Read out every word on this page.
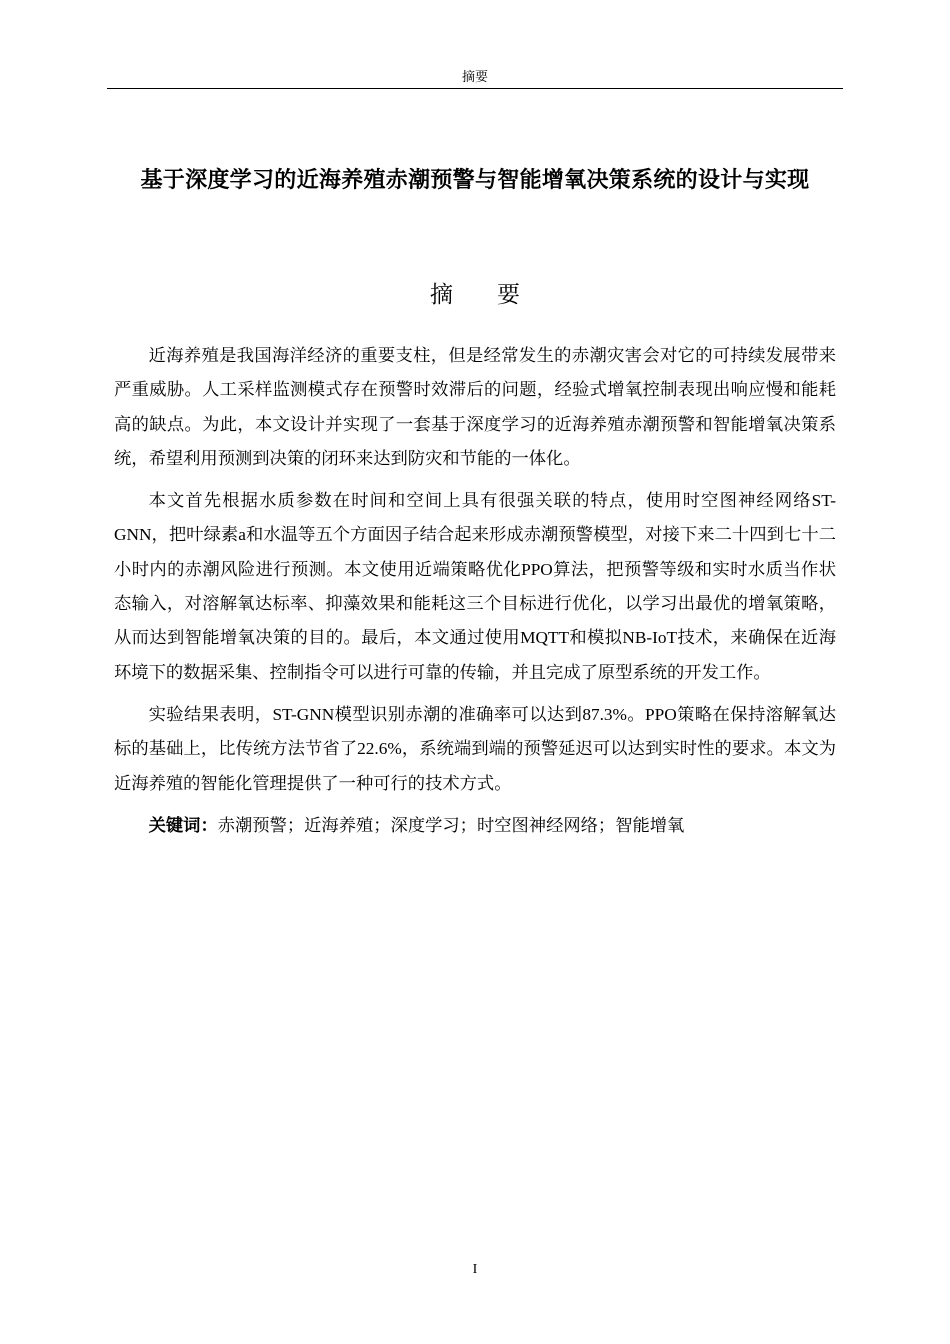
摘要
基于深度学习的近海养殖赤潮预警与智能增氧决策系统的设计与实现
摘 要

近海养殖是我国海洋经济的重要支柱，但是经常发生的赤潮灾害会对它的可持续发展带来严重威胁。人工采样监测模式存在预警时效滞后的问题，经验式增氧控制表现出响应慢和能耗高的缺点。为此，本文设计并实现了一套基于深度学习的近海养殖赤潮预警和智能增氧决策系统，希望利用预测到决策的闭环来达到防灾和节能的一体化。

本文首先根据水质参数在时间和空间上具有很强关联的特点，使用时空图神经网络ST-GNN，把叶绿素a和水温等五个方面因子结合起来形成赤潮预警模型，对接下来二十四到七十二小时内的赤潮风险进行预测。本文使用近端策略优化PPO算法，把预警等级和实时水质当作状态输入，对溶解氧达标率、抑藻效果和能耗这三个目标进行优化，以学习出最优的增氧策略，从而达到智能增氧决策的目的。最后，本文通过使用MQTT和模拟NB-IoT技术，来确保在近海环境下的数据采集、控制指令可以进行可靠的传输，并且完成了原型系统的开发工作。

实验结果表明，ST-GNN模型识别赤潮的准确率可以达到87.3%。PPO策略在保持溶解氧达标的基础上，比传统方法节省了22.6%，系统端到端的预警延迟可以达到实时性的要求。本文为近海养殖的智能化管理提供了一种可行的技术方式。

关键词：赤潮预警；近海养殖；深度学习；时空图神经网络；智能增氧

I
